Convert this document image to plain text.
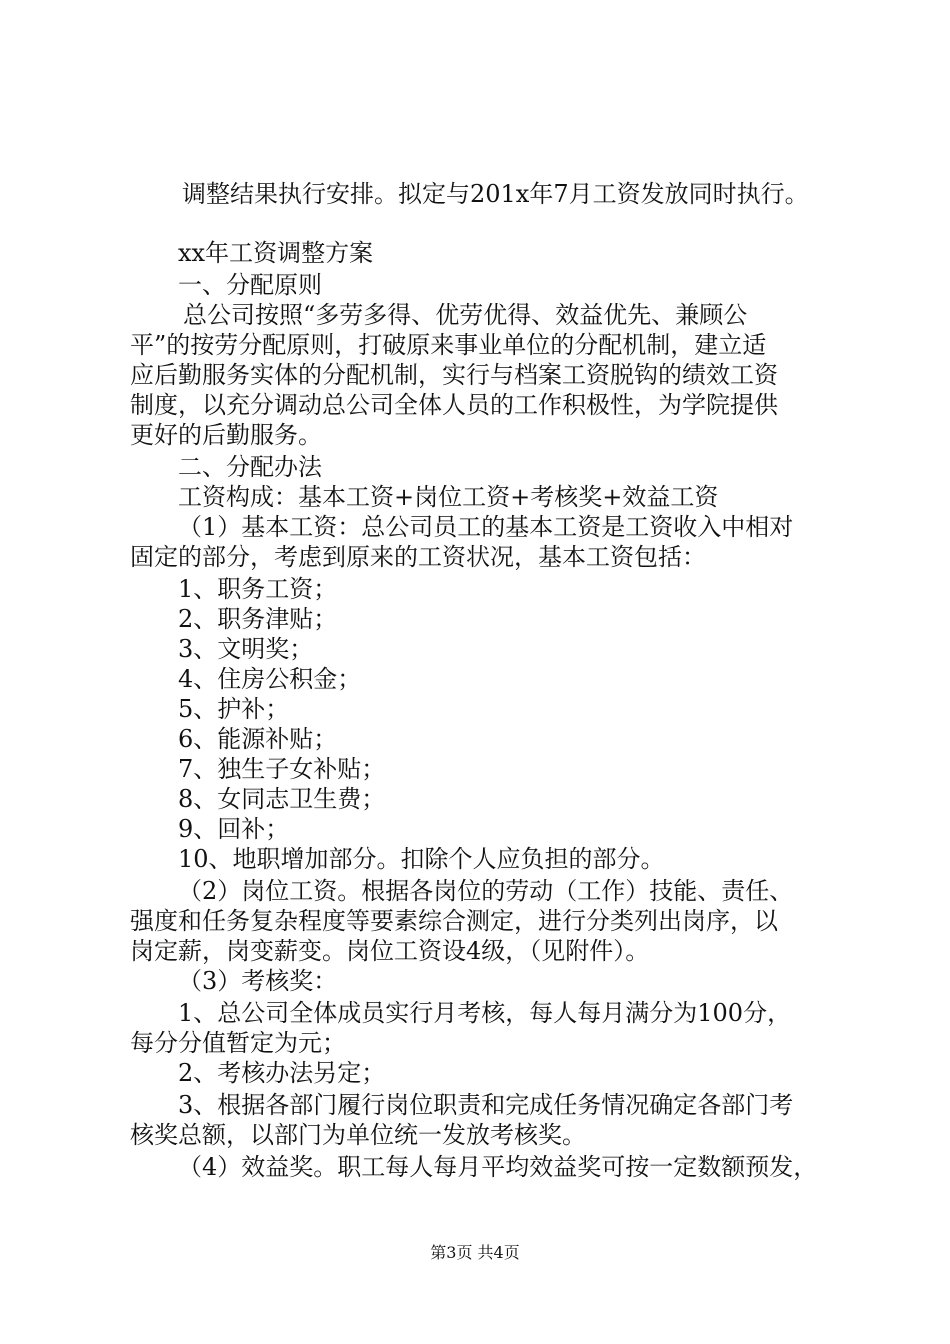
调整结果执行安排。拟定与201x年7月工资发放同时执行。
xx年工资调整方案
一、分配原则
总公司按照“多劳多得、优劳优得、效益优先、兼顾公
平”的按劳分配原则，打破原来事业单位的分配机制，建立适
应后勤服务实体的分配机制，实行与档案工资脱钩的绩效工资
制度，以充分调动总公司全体人员的工作积极性，为学院提供
更好的后勤服务。
二、分配办法
工资构成：基本工资+岗位工资+考核奖+效益工资
（1）基本工资：总公司员工的基本工资是工资收入中相对
固定的部分，考虑到原来的工资状况，基本工资包括：
1、职务工资；
2、职务津贴；
3、文明奖；
4、住房公积金；
5、护补；
6、能源补贴；
7、独生子女补贴；
8、女同志卫生费；
9、回补；
10、地职增加部分。扣除个人应负担的部分。
（2）岗位工资。根据各岗位的劳动（工作）技能、责任、
强度和任务复杂程度等要素综合测定，进行分类列出岗序，以
岗定薪，岗变薪变。岗位工资设4级，（见附件）。
（3）考核奖：
1、总公司全体成员实行月考核，每人每月满分为100分，
每分分值暂定为元；
2、考核办法另定；
3、根据各部门履行岗位职责和完成任务情况确定各部门考
核奖总额，以部门为单位统一发放考核奖。
（4）效益奖。职工每人每月平均效益奖可按一定数额预发，
第3页 共4页
